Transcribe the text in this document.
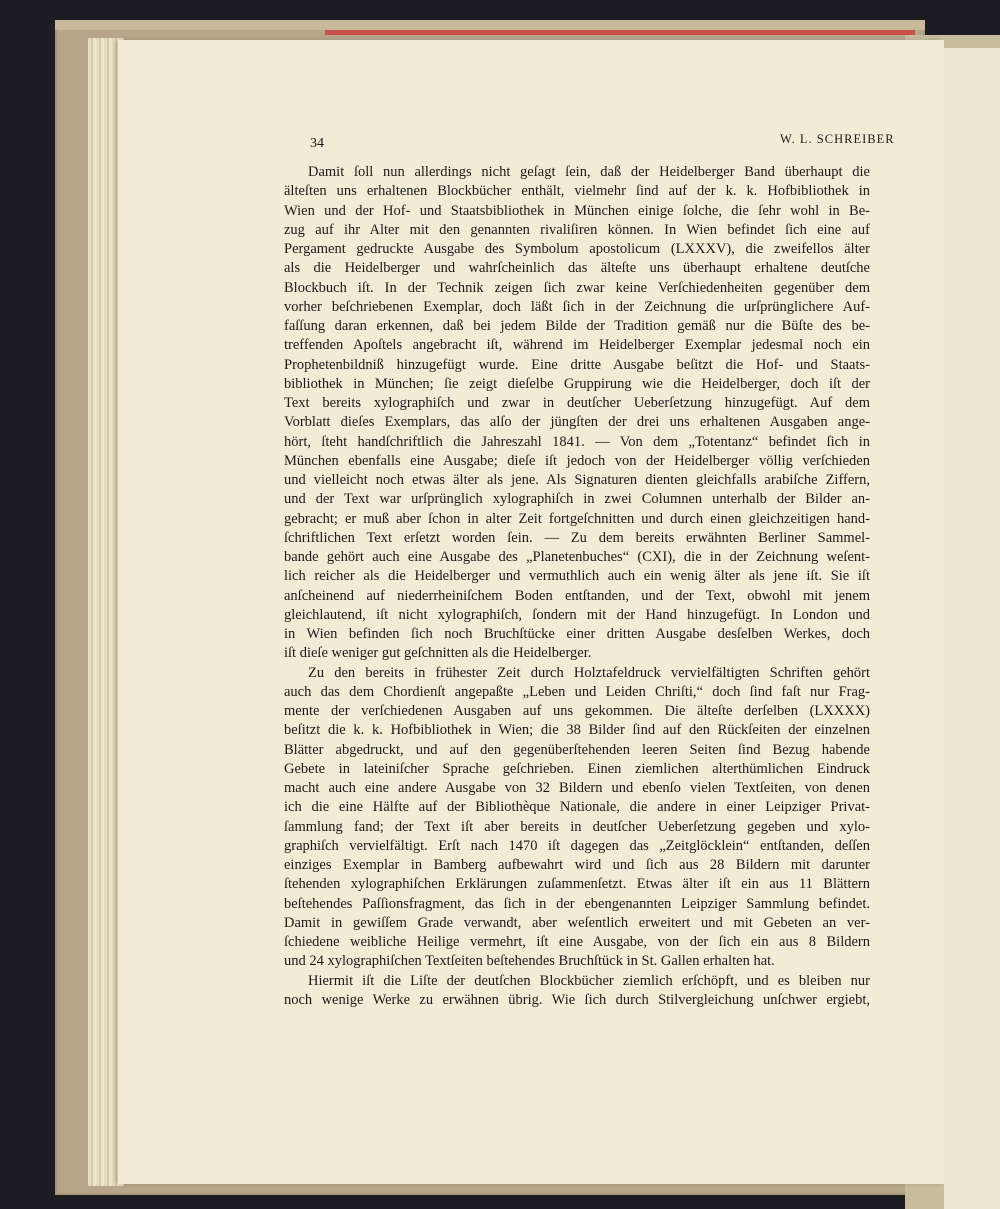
34	W. L. SCHREIBER

Damit ſoll nun allerdings nicht geſagt ſein, daß der Heidelberger Band überhaupt die

älteſten uns erhaltenen Blockbücher enthält, vielmehr ſind auf der k. k. Hofbibliothek in

Wien und der Hof- und Staatsbibliothek in München einige ſolche, die ſehr wohl in Be-

zug auf ihr Alter mit den genannten rivaliſiren können. In Wien befindet ſich eine auf

Pergament gedruckte Ausgabe des Symbolum apostolicum (LXXXV), die zweifellos älter

als die Heidelberger und wahrſcheinlich das älteſte uns überhaupt erhaltene deutſche

Blockbuch iſt. In der Technik zeigen ſich zwar keine Verſchiedenheiten gegenüber dem

vorher beſchriebenen Exemplar, doch läßt ſich in der Zeichnung die urſprünglichere Auf-

faſſung daran erkennen, daß bei jedem Bilde der Tradition gemäß nur die Büſte des be-

treffenden Apoſtels angebracht iſt, während im Heidelberger Exemplar jedesmal noch ein

Prophetenbildniß hinzugefügt wurde. Eine dritte Ausgabe beſitzt die Hof- und Staats-

bibliothek in München; ſie zeigt dieſelbe Gruppirung wie die Heidelberger, doch iſt der

Text bereits xylographiſch und zwar in deutſcher Ueberſetzung hinzugefügt. Auf dem

Vorblatt dieſes Exemplars, das alſo der jüngſten der drei uns erhaltenen Ausgaben ange-

hört, ſteht handſchriftlich die Jahreszahl 1841. — Von dem „Totentanz“ befindet ſich in

München ebenfalls eine Ausgabe; dieſe iſt jedoch von der Heidelberger völlig verſchieden

und vielleicht noch etwas älter als jene. Als Signaturen dienten gleichfalls arabiſche Ziffern,

und der Text war urſprünglich xylographiſch in zwei Columnen unterhalb der Bilder an-

gebracht; er muß aber ſchon in alter Zeit fortgeſchnitten und durch einen gleichzeitigen hand-

ſchriftlichen Text erſetzt worden ſein. — Zu dem bereits erwähnten Berliner Sammel-

bande gehört auch eine Ausgabe des „Planetenbuches“ (CXI), die in der Zeichnung weſent-

lich reicher als die Heidelberger und vermuthlich auch ein wenig älter als jene iſt. Sie iſt

anſcheinend auf niederrheiniſchem Boden entſtanden, und der Text, obwohl mit jenem

gleichlautend, iſt nicht xylographiſch, ſondern mit der Hand hinzugefügt. In London und

in Wien befinden ſich noch Bruchſtücke einer dritten Ausgabe desſelben Werkes, doch

iſt dieſe weniger gut geſchnitten als die Heidelberger.

Zu den bereits in frühester Zeit durch Holztafeldruck vervielfältigten Schriften gehört

auch das dem Chordienſt angepaßte „Leben und Leiden Chriſti,“ doch ſind faſt nur Frag-

mente der verſchiedenen Ausgaben auf uns gekommen. Die älteſte derſelben (LXXXX)

beſitzt die k. k. Hofbibliothek in Wien; die 38 Bilder ſind auf den Rückſeiten der einzelnen

Blätter abgedruckt, und auf den gegenüberſtehenden leeren Seiten ſind Bezug habende

Gebete in lateiniſcher Sprache geſchrieben. Einen ziemlichen alterthümlichen Eindruck

macht auch eine andere Ausgabe von 32 Bildern und ebenſo vielen Textſeiten, von denen

ich die eine Hälfte auf der Bibliothèque Nationale, die andere in einer Leipziger Privat-

ſammlung fand; der Text iſt aber bereits in deutſcher Ueberſetzung gegeben und xylo-

graphiſch vervielfältigt. Erſt nach 1470 iſt dagegen das „Zeitglöcklein“ entſtanden, deſſen

einziges Exemplar in Bamberg aufbewahrt wird und ſich aus 28 Bildern mit darunter

ſtehenden xylographiſchen Erklärungen zuſammenſetzt. Etwas älter iſt ein aus 11 Blättern

beſtehendes Paſſionsfragment, das ſich in der ebengenannten Leipziger Sammlung befindet.

Damit in gewiſſem Grade verwandt, aber weſentlich erweitert und mit Gebeten an ver-

ſchiedene weibliche Heilige vermehrt, iſt eine Ausgabe, von der ſich ein aus 8 Bildern

und 24 xylographiſchen Textſeiten beſtehendes Bruchſtück in St. Gallen erhalten hat.

Hiermit iſt die Liſte der deutſchen Blockbücher ziemlich erſchöpft, und es bleiben nur

noch wenige Werke zu erwähnen übrig. Wie ſich durch Stilvergleichung unſchwer ergiebt,
